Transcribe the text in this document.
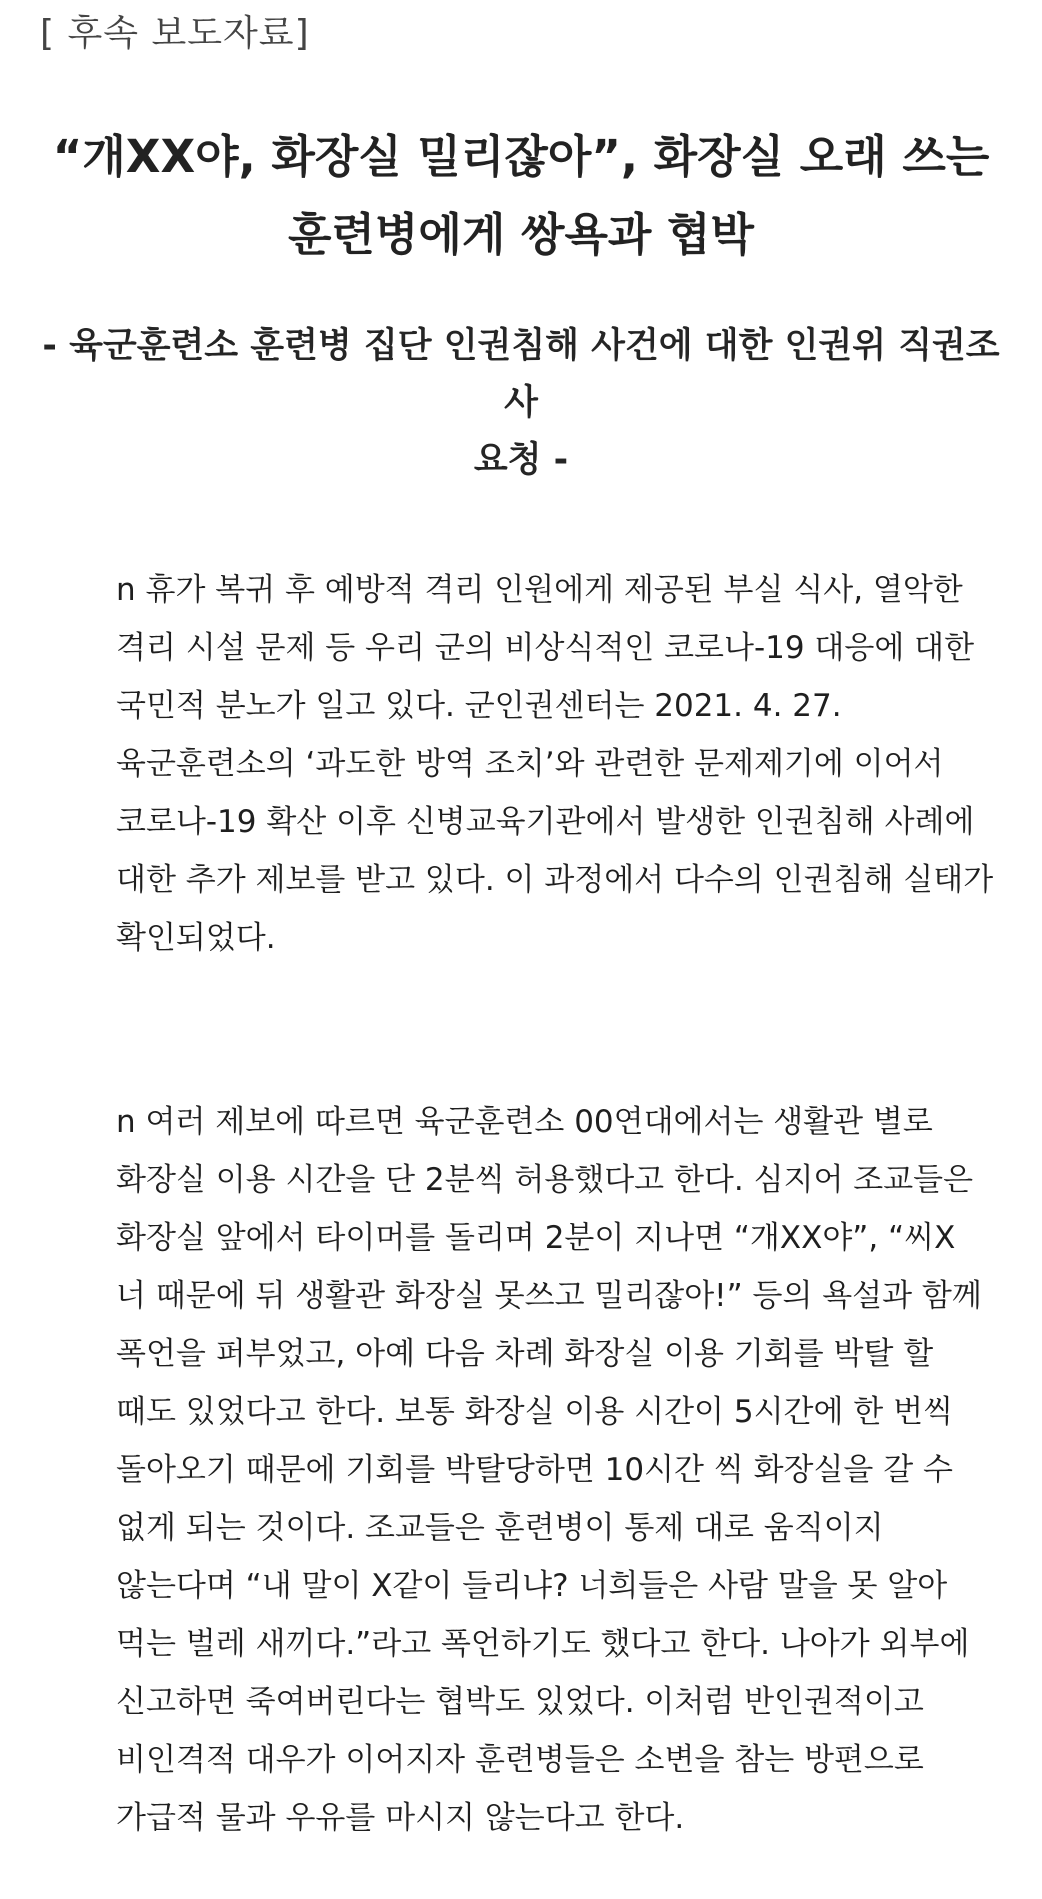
[ 후속 보도자료]
“개XX야, 화장실 밀리잖아”, 화장실 오래 쓰는
훈련병에게 쌍욕과 협박
- 육군훈련소 훈련병 집단 인권침해 사건에 대한 인권위 직권조사
요청 -

n 휴가 복귀 후 예방적 격리 인원에게 제공된 부실 식사, 열악한
격리 시설 문제 등 우리 군의 비상식적인 코로나-19 대응에 대한
국민적 분노가 일고 있다. 군인권센터는 2021. 4. 27.
육군훈련소의 ‘과도한 방역 조치’와 관련한 문제제기에 이어서
코로나-19 확산 이후 신병교육기관에서 발생한 인권침해 사례에
대한 추가 제보를 받고 있다. 이 과정에서 다수의 인권침해 실태가
확인되었다.

n 여러 제보에 따르면 육군훈련소 00연대에서는 생활관 별로
화장실 이용 시간을 단 2분씩 허용했다고 한다. 심지어 조교들은
화장실 앞에서 타이머를 돌리며 2분이 지나면 “개XX야”, “씨X
너 때문에 뒤 생활관 화장실 못쓰고 밀리잖아!” 등의 욕설과 함께
폭언을 퍼부었고, 아예 다음 차례 화장실 이용 기회를 박탈 할
때도 있었다고 한다. 보통 화장실 이용 시간이 5시간에 한 번씩
돌아오기 때문에 기회를 박탈당하면 10시간 씩 화장실을 갈 수
없게 되는 것이다. 조교들은 훈련병이 통제 대로 움직이지
않는다며 “내 말이 X같이 들리냐? 너희들은 사람 말을 못 알아
먹는 벌레 새끼다.”라고 폭언하기도 했다고 한다. 나아가 외부에
신고하면 죽여버린다는 협박도 있었다. 이처럼 반인권적이고
비인격적 대우가 이어지자 훈련병들은 소변을 참는 방편으로
가급적 물과 우유를 마시지 않는다고 한다.
